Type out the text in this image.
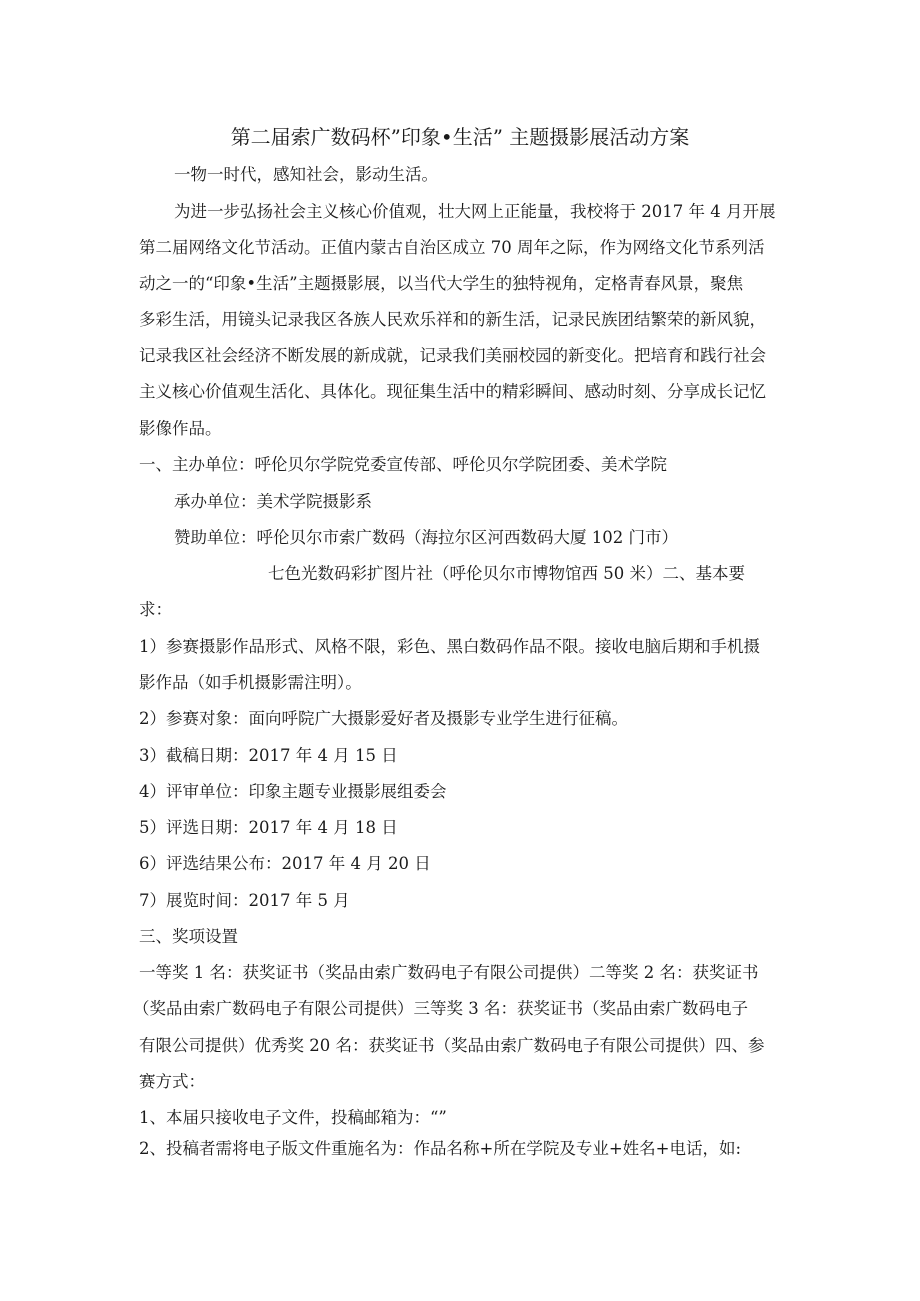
第二届索广数码杯”印象•生活” 主题摄影展活动方案
一物一时代，感知社会，影动生活。
为进一步弘扬社会主义核心价值观，壮大网上正能量，我校将于 2017 年 4 月开展
第二届网络文化节活动。正值内蒙古自治区成立 70 周年之际，作为网络文化节系列活
动之一的“印象•生活”主题摄影展，以当代大学生的独特视角，定格青春风景，聚焦
多彩生活，用镜头记录我区各族人民欢乐祥和的新生活，记录民族团结繁荣的新风貌，
记录我区社会经济不断发展的新成就，记录我们美丽校园的新变化。把培育和践行社会
主义核心价值观生活化、具体化。现征集生活中的精彩瞬间、感动时刻、分享成长记忆
影像作品。
一、主办单位：呼伦贝尔学院党委宣传部、呼伦贝尔学院团委、美术学院
承办单位：美术学院摄影系
赞助单位：呼伦贝尔市索广数码（海拉尔区河西数码大厦 102 门市）
七色光数码彩扩图片社（呼伦贝尔市博物馆西 50 米）二、基本要
求：
1）参赛摄影作品形式、风格不限，彩色、黑白数码作品不限。接收电脑后期和手机摄
影作品（如手机摄影需注明）。
2）参赛对象：面向呼院广大摄影爱好者及摄影专业学生进行征稿。
3）截稿日期：2017 年 4 月 15 日
4）评审单位：印象主题专业摄影展组委会
5）评选日期：2017 年 4 月 18 日
6）评选结果公布：2017 年 4 月 20 日
7）展览时间：2017 年 5 月
三、奖项设置
一等奖 1 名：获奖证书（奖品由索广数码电子有限公司提供）二等奖 2 名：获奖证书
（奖品由索广数码电子有限公司提供）三等奖 3 名：获奖证书（奖品由索广数码电子
有限公司提供）优秀奖 20 名：获奖证书（奖品由索广数码电子有限公司提供）四、参
赛方式：
1、本届只接收电子文件，投稿邮箱为：“”
2、投稿者需将电子版文件重施名为：作品名称+所在学院及专业+姓名+电话，如:
